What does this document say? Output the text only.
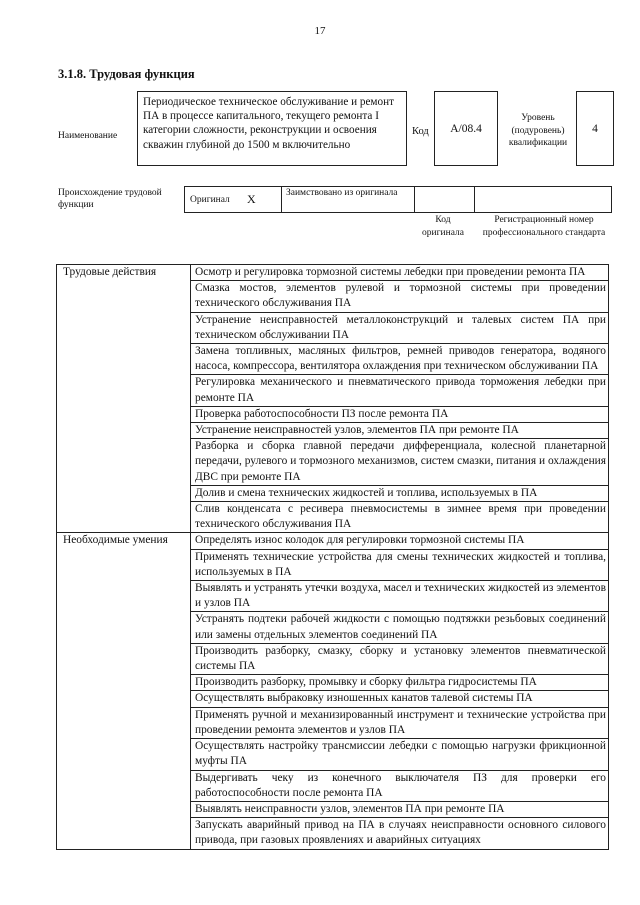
17
3.1.8. Трудовая функция
Наименование
Периодическое техническое обслуживание и ремонт ПА в процессе капитального, текущего ремонта I категории сложности, реконструкции и освоения скважин глубиной до 1500 м включительно
Код A/08.4
Уровень (подуровень) квалификации
4
Происхождение трудовой функции	Оригинал X	Заимствовано из оригинала
Код оригинала
Регистрационный номер профессионального стандарта
Трудовые действия	Осмотр и регулировка тормозной системы лебедки при проведении ремонта ПА
	Смазка мостов, элементов рулевой и тормозной системы при проведении технического обслуживания ПА
	Устранение неисправностей металлоконструкций и талевых систем ПА при техническом обслуживании ПА
	Замена топливных, масляных фильтров, ремней приводов генератора, водяного насоса, компрессора, вентилятора охлаждения при техническом обслуживании ПА
	Регулировка механического и пневматического привода торможения лебедки при ремонте ПА
	Проверка работоспособности ПЗ после ремонта ПА
	Устранение неисправностей узлов, элементов ПА при ремонте ПА
	Разборка и сборка главной передачи дифференциала, колесной планетарной передачи, рулевого и тормозного механизмов, систем смазки, питания и охлаждения ДВС при ремонте ПА
	Долив и смена технических жидкостей и топлива, используемых в ПА
	Слив конденсата с ресивера пневмосистемы в зимнее время при проведении технического обслуживания ПА
Необходимые умения	Определять износ колодок для регулировки тормозной системы ПА
	Применять технические устройства для смены технических жидкостей и топлива, используемых в ПА
	Выявлять и устранять утечки воздуха, масел и технических жидкостей из элементов и узлов ПА
	Устранять подтеки рабочей жидкости с помощью подтяжки резьбовых соединений или замены отдельных элементов соединений ПА
	Производить разборку, смазку, сборку и установку элементов пневматической системы ПА
	Производить разборку, промывку и сборку фильтра гидросистемы ПА
	Осуществлять выбраковку изношенных канатов талевой системы ПА
	Применять ручной и механизированный инструмент и технические устройства при проведении ремонта элементов и узлов ПА
	Осуществлять настройку трансмиссии лебедки с помощью нагрузки фрикционной муфты ПА
	Выдергивать чеку из конечного выключателя ПЗ для проверки его работоспособности после ремонта ПА
	Выявлять неисправности узлов, элементов ПА при ремонте ПА
	Запускать аварийный привод на ПА в случаях неисправности основного силового привода, при газовых проявлениях и аварийных ситуациях
